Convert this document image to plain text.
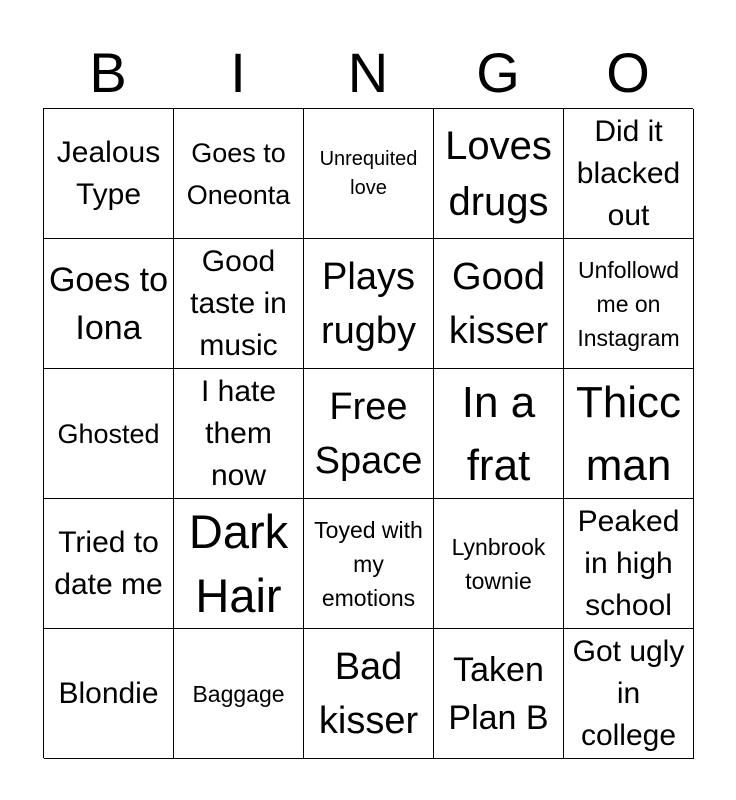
B	I	N	G	O
Jealous Type
Goes to Oneonta
Unrequited love
Loves drugs
Did it blacked out
Goes to Iona
Good taste in music
Plays rugby
Good kisser
Unfollowd me on Instagram
Ghosted
I hate them now
Free Space
In a frat
Thicc man
Tried to date me
Dark Hair
Toyed with my emotions
Lynbrook townie
Peaked in high school
Blondie	Baggage
Bad kisser
Taken Plan B
Got ugly in college
